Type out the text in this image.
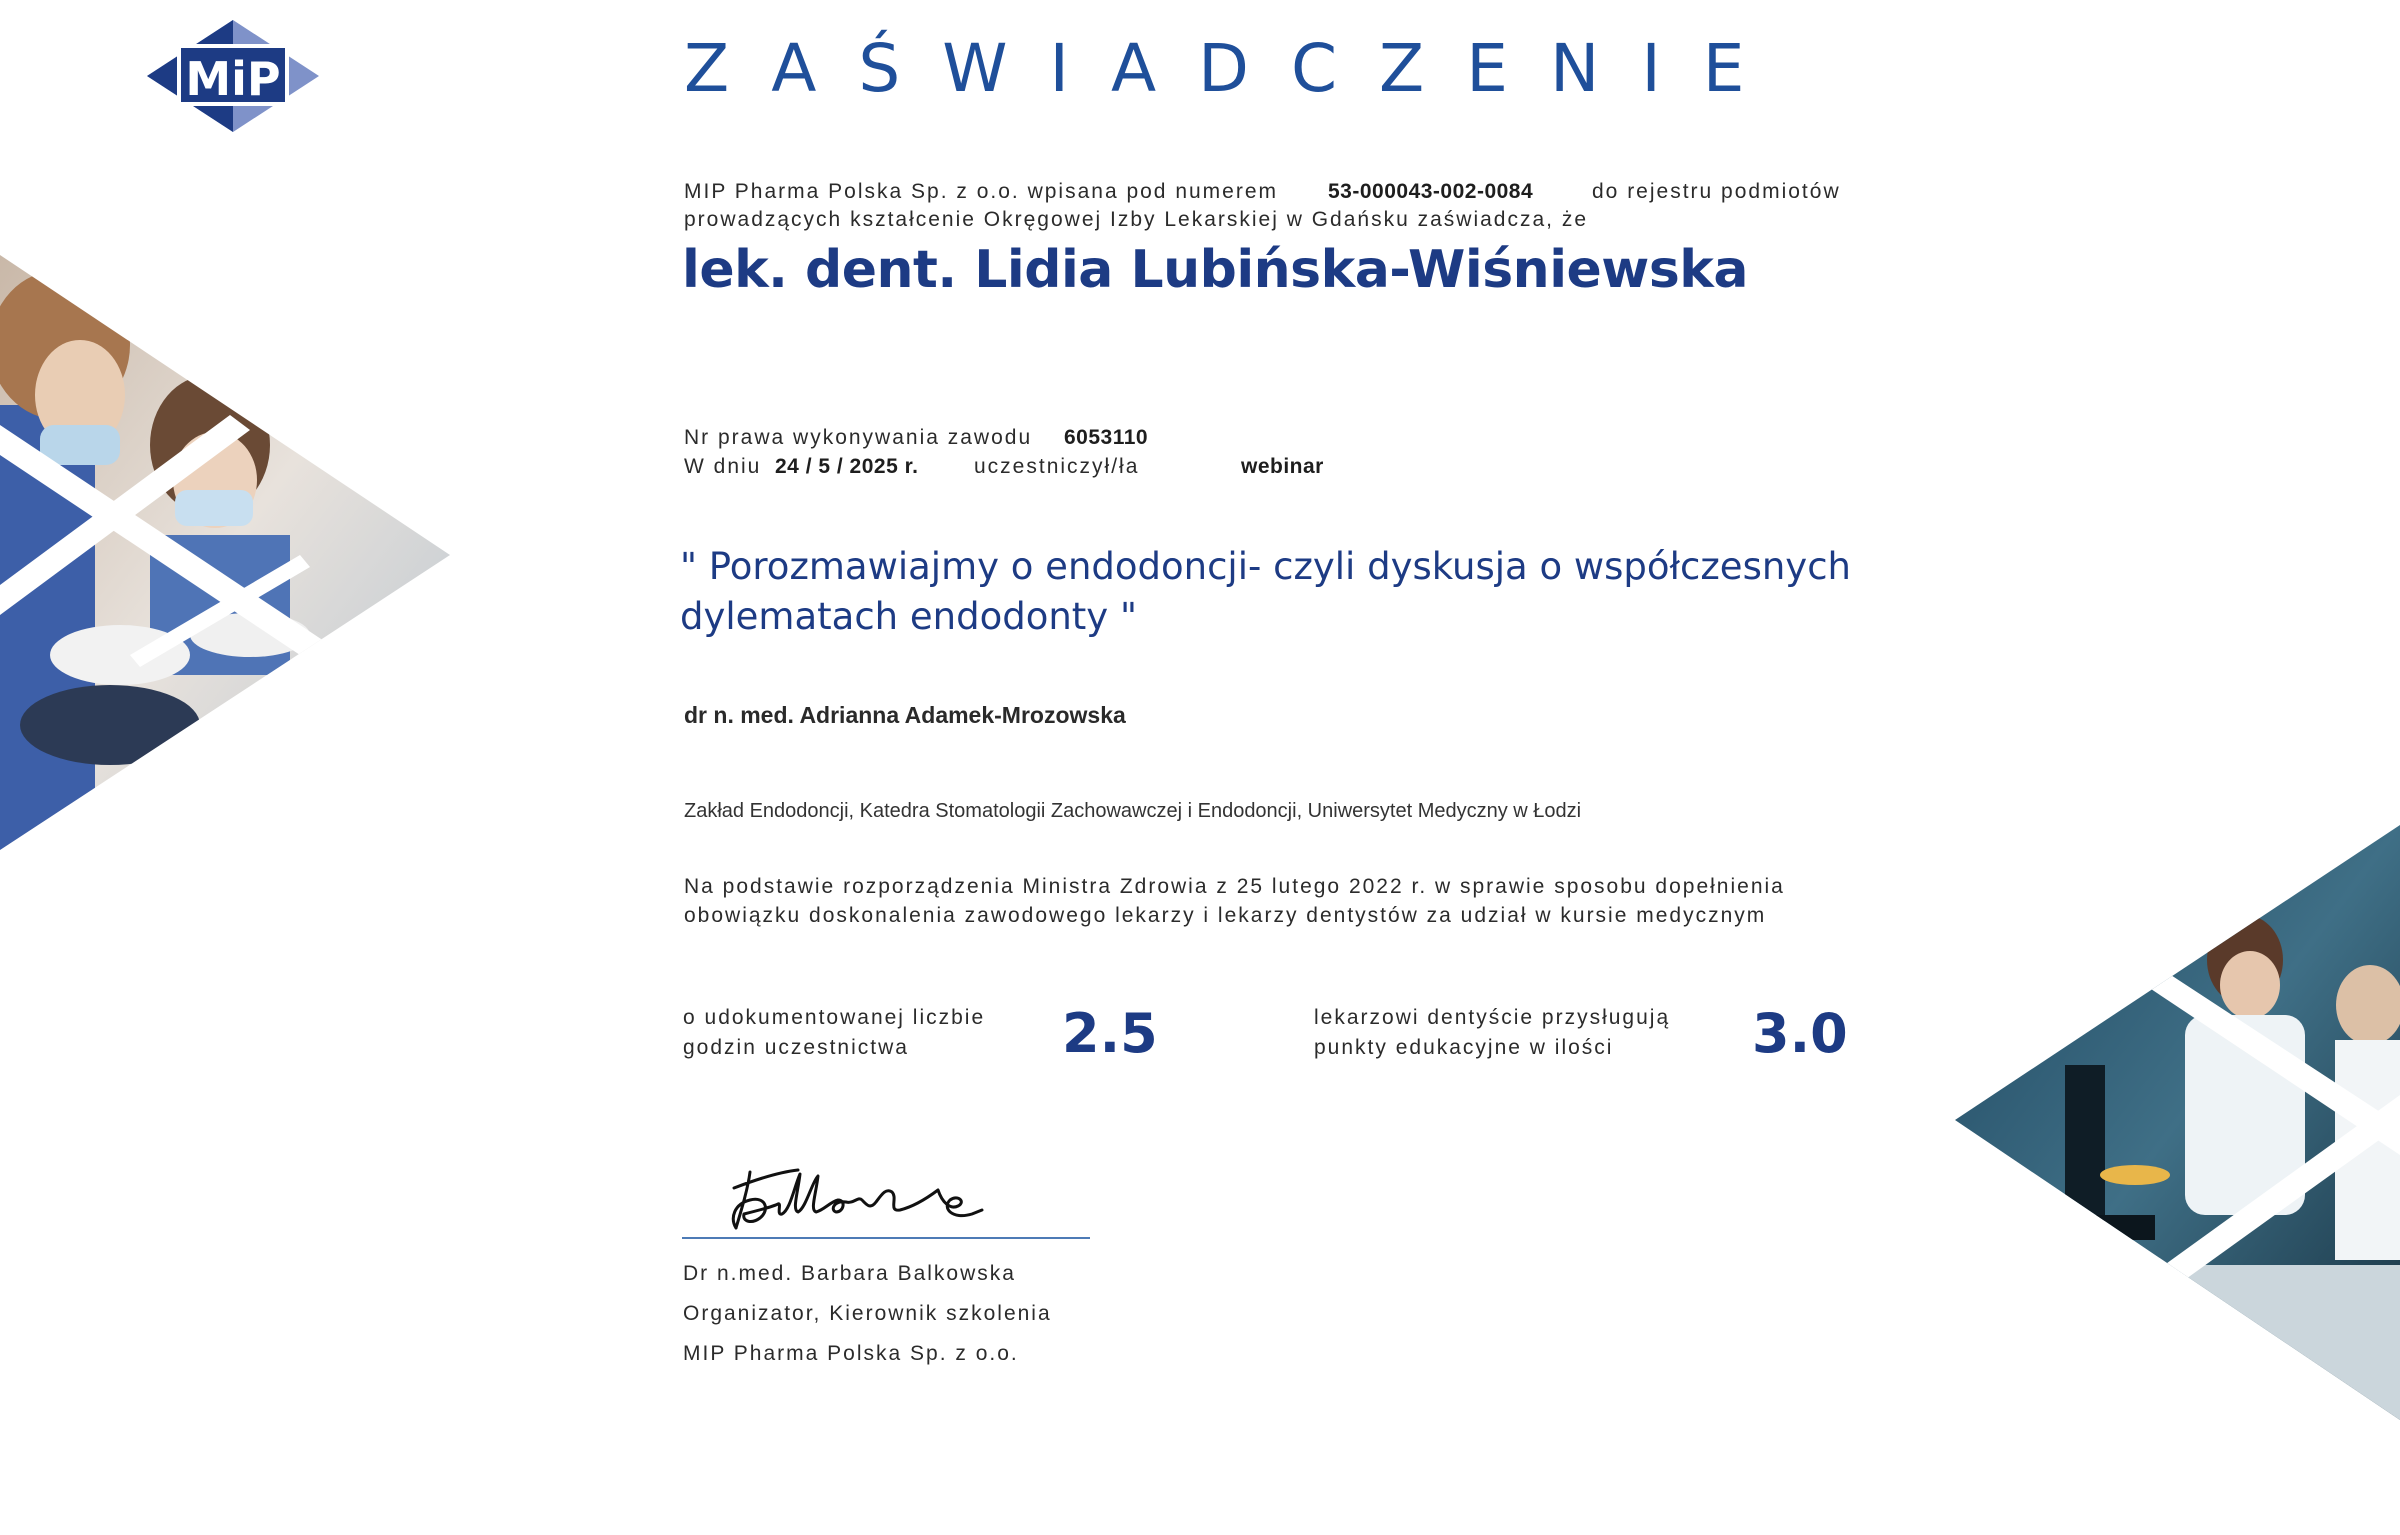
MiP	ZAŚWIADCZENIE
MIP Pharma Polska Sp. z o.o. wpisana pod numerem 53-000043-002-0084	do rejestru podmiotów
prowadzących kształcenie Okręgowej Izby Lekarskiej w Gdańsku zaświadcza, że
lek. dent. Lidia Lubińska-Wiśniewska
Nr prawa wykonywania zawodu 6053110
W dniu 24 / 5 / 2025 r.	uczestniczył/ła	webinar
" Porozmawiajmy o endodoncji- czyli dyskusja o współczesnych dylematach endodonty "
dr n. med. Adrianna Adamek-Mrozowska
Zakład Endodoncji, Katedra Stomatologii Zachowawczej i Endodoncji, Uniwersytet Medyczny w Łodzi
Na podstawie rozporządzenia Ministra Zdrowia z 25 lutego 2022 r. w sprawie sposobu dopełnienia
obowiązku doskonalenia zawodowego lekarzy i lekarzy dentystów za udział w kursie medycznym
o udokumentowanej liczbie
godzin uczestnictwa	2.5	lekarzowi dentyście przysługują
punkty edukacyjne w ilości	3.0
Dr n.med. Barbara Balkowska
Organizator, Kierownik szkolenia
MIP Pharma Polska Sp. z o.o.
